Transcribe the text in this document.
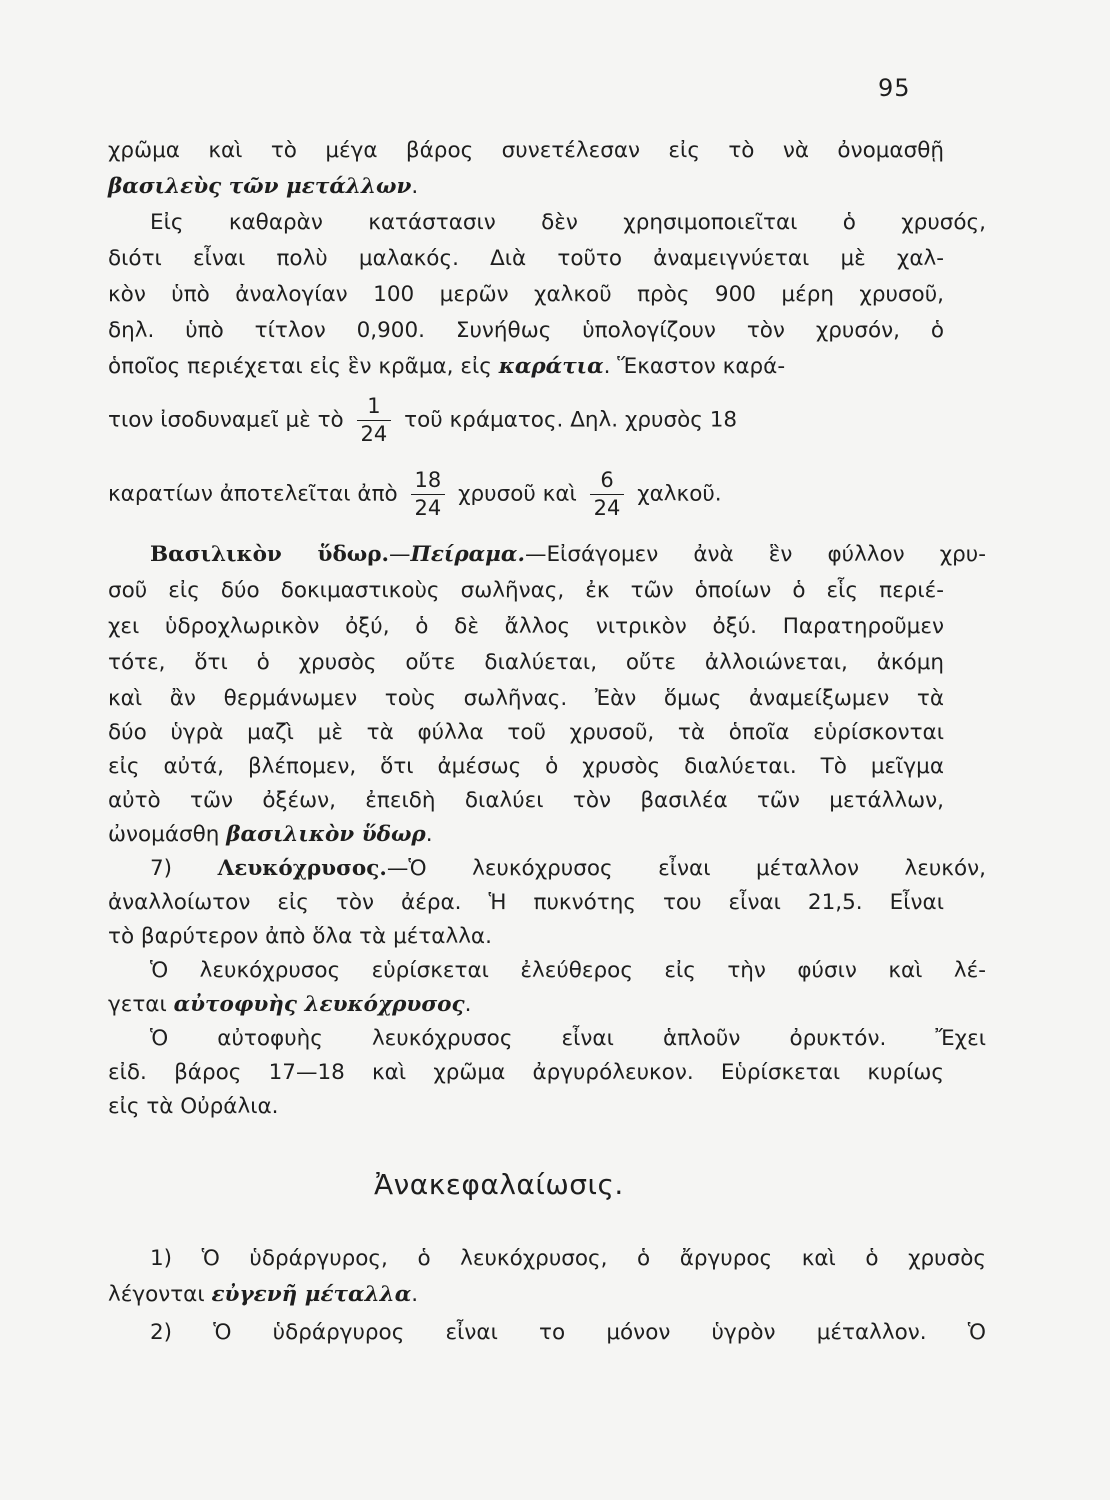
95
χρῶμα καὶ τὸ μέγα βάρος συνετέλεσαν εἰς τὸ νὰ ὀνομασθῇ
βασιλεὺς τῶν μετάλλων.
Εἰς καθαρὰν κατάστασιν δὲν χρησιμοποιεῖται ὁ χρυσός,
διότι εἶναι πολὺ μαλακός. Διὰ τοῦτο ἀναμειγνύεται μὲ χαλ-
κὸν ὑπὸ ἀναλογίαν 100 μερῶν χαλκοῦ πρὸς 900 μέρη χρυσοῦ,
δηλ. ὑπὸ τίτλον 0,900. Συνήθως ὑπολογίζουν τὸν χρυσόν, ὁ
ὁποῖος περιέχεται εἰς ἓν κρᾶμα, εἰς καράτια. Ἕκαστον καρά-
τιον ἰσοδυναμεῖ μὲ τὸ $\frac{1}{24}$ τοῦ κράματος. Δηλ. χρυσὸς 18
καρατίων ἀποτελεῖται ἀπὸ $\frac{18}{24}$ χρυσοῦ καὶ $\frac{6}{24}$ χαλκοῦ.
Βασιλικὸν ὕδωρ.—Πείραμα.—Εἰσάγομεν ἀνὰ ἓν φύλλον χρυ-
σοῦ εἰς δύο δοκιμαστικοὺς σωλῆνας, ἐκ τῶν ὁποίων ὁ εἷς περιέ-
χει ὑδροχλωρικὸν ὀξύ, ὁ δὲ ἄλλος νιτρικὸν ὀξύ. Παρατηροῦμεν
τότε, ὅτι ὁ χρυσὸς οὔτε διαλύεται, οὔτε ἀλλοιώνεται, ἀκόμη
καὶ ἂν θερμάνωμεν τοὺς σωλῆνας. Ἐὰν ὅμως ἀναμείξωμεν τὰ
δύο ὑγρὰ μαζὶ μὲ τὰ φύλλα τοῦ χρυσοῦ, τὰ ὁποῖα εὑρίσκονται
εἰς αὐτά, βλέπομεν, ὅτι ἀμέσως ὁ χρυσὸς διαλύεται. Τὸ μεῖγμα
αὐτὸ τῶν ὀξέων, ἐπειδὴ διαλύει τὸν βασιλέα τῶν μετάλλων,
ὠνομάσθη βασιλικὸν ὕδωρ.
7) Λευκόχρυσος.—Ὁ λευκόχρυσος εἶναι μέταλλον λευκόν,
ἀναλλοίωτον εἰς τὸν ἀέρα. Ἡ πυκνότης του εἶναι 21,5. Εἶναι
τὸ βαρύτερον ἀπὸ ὅλα τὰ μέταλλα.
Ὁ λευκόχρυσος εὑρίσκεται ἐλεύθερος εἰς τὴν φύσιν καὶ λέ-
γεται αὐτοφυὴς λευκόχρυσος.
Ὁ αὐτοφυὴς λευκόχρυσος εἶναι ἁπλοῦν ὀρυκτόν. Ἔχει
εἰδ. βάρος 17—18 καὶ χρῶμα ἀργυρόλευκον. Εὑρίσκεται κυρίως
εἰς τὰ Οὐράλια.
Ἀνακεφαλαίωσις.
1) Ὁ ὑδράργυρος, ὁ λευκόχρυσος, ὁ ἄργυρος καὶ ὁ χρυσὸς
λέγονται εὐγενῆ μέταλλα.
2) Ὁ ὑδράργυρος εἶναι το μόνον ὑγρὸν μέταλλον. Ὁ
